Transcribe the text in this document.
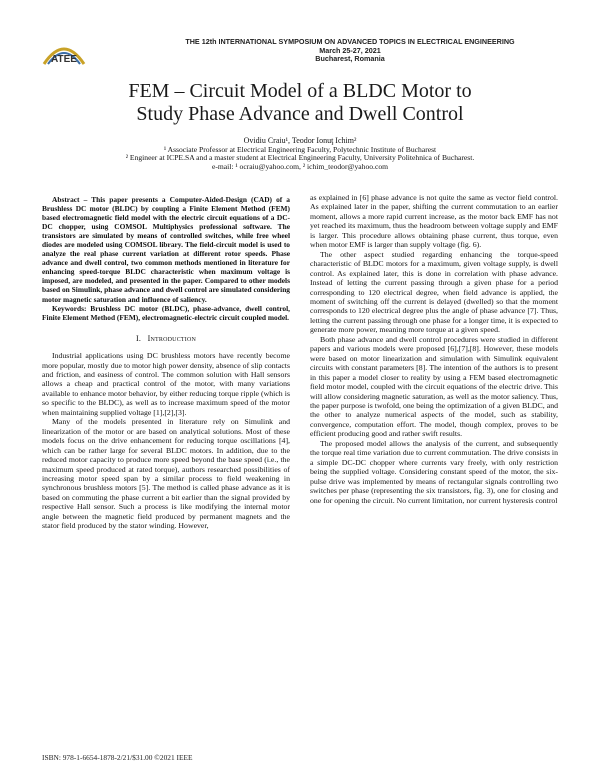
ATEE
THE 12th INTERNATIONAL SYMPOSIUM ON ADVANCED TOPICS IN ELECTRICAL ENGINEERING
March 25-27, 2021
Bucharest, Romania
FEM – Circuit Model of a BLDC Motor to
Study Phase Advance and Dwell Control
Ovidiu Craiu¹, Teodor Ionuţ Ichim²
¹ Associate Professor at Electrical Engineering Faculty, Polytechnic Institute of Bucharest
² Engineer at ICPE.SA and a master student at Electrical Engineering Faculty, University Politehnica of Bucharest.
e-mail: ¹ ocraiu@yahoo.com, ² ichim_teodor@yahoo.com

Abstract – This paper presents a Computer-Aided-Design (CAD) of a Brushless DC motor (BLDC) by coupling a Finite Element Method (FEM) based electromagnetic field model with the electric circuit equations of a DC-DC chopper, using COMSOL Multiphysics professional software. The transistors are simulated by means of controlled switches, while free wheel diodes are modeled using COMSOL library. The field-circuit model is used to analyze the real phase current variation at different rotor speeds. Phase advance and dwell control, two common methods mentioned in literature for enhancing speed-torque BLDC characteristic when maximum voltage is imposed, are modeled, and presented in the paper. Compared to other models based on Simulink, phase advance and dwell control are simulated considering motor magnetic saturation and influence of saliency.

Keywords: Brushless DC motor (BLDC), phase-advance, dwell control, Finite Element Method (FEM), electromagnetic-electric circuit coupled model.

I. Introduction

Industrial applications using DC brushless motors have recently become more popular, mostly due to motor high power density, absence of slip contacts and friction, and easiness of control. The common solution with Hall sensors allows a cheap and practical control of the motor, with many variations available to enhance motor behavior, by either reducing torque ripple (which is so specific to the BLDC), as well as to increase maximum speed of the motor when maintaining supplied voltage [1],[2],[3].

Many of the models presented in literature rely on Simulink and linearization of the motor or are based on analytical solutions. Most of these models focus on the drive enhancement for reducing torque oscillations [4], which can be rather large for several BLDC motors. In addition, due to the reduced motor capacity to produce more speed beyond the base speed (i.e., the maximum speed produced at rated torque), authors researched possibilities of increasing motor speed span by a similar process to field weakening in synchronous brushless motors [5]. The method is called phase advance as it is based on commuting the phase current a bit earlier than the signal provided by respective Hall sensor. Such a process is like modifying the internal motor angle between the magnetic field produced by permanent magnets and the stator field produced by the stator winding. However,

as explained in [6] phase advance is not quite the same as vector field control. As explained later in the paper, shifting the current commutation to an earlier moment, allows a more rapid current increase, as the motor back EMF has not yet reached its maximum, thus the headroom between voltage supply and EMF is larger. This procedure allows obtaining phase current, thus torque, even when motor EMF is larger than supply voltage (fig. 6).

The other aspect studied regarding enhancing the torque-speed characteristic of BLDC motors for a maximum, given voltage supply, is dwell control. As explained later, this is done in correlation with phase advance. Instead of letting the current passing through a given phase for a period corresponding to 120 electrical degree, when field advance is applied, the moment of switching off the current is delayed (dwelled) so that the moment corresponds to 120 electrical degree plus the angle of phase advance [7]. Thus, letting the current passing through one phase for a longer time, it is expected to generate more power, meaning more torque at a given speed.

Both phase advance and dwell control procedures were studied in different papers and various models were proposed [6],[7],[8]. However, these models were based on motor linearization and simulation with Simulink equivalent circuits with constant parameters [8]. The intention of the authors is to present in this paper a model closer to reality by using a FEM based electromagnetic field motor model, coupled with the circuit equations of the electric drive. This will allow considering magnetic saturation, as well as the motor saliency. Thus, the paper purpose is twofold, one being the optimization of a given BLDC, and the other to analyze numerical aspects of the model, such as stability, convergence, computation effort. The model, though complex, proves to be efficient producing good and rather swift results.

The proposed model allows the analysis of the current, and subsequently the torque real time variation due to current commutation. The drive consists in a simple DC-DC chopper where currents vary freely, with only restriction being the supplied voltage. Considering constant speed of the motor, the six-pulse drive was implemented by means of rectangular signals controlling two switches per phase (representing the six transistors, fig. 3), one for closing and one for opening the circuit. No current limitation, nor current hysteresis control

ISBN: 978-1-6654-1878-2/21/$31.00 ©2021 IEEE
